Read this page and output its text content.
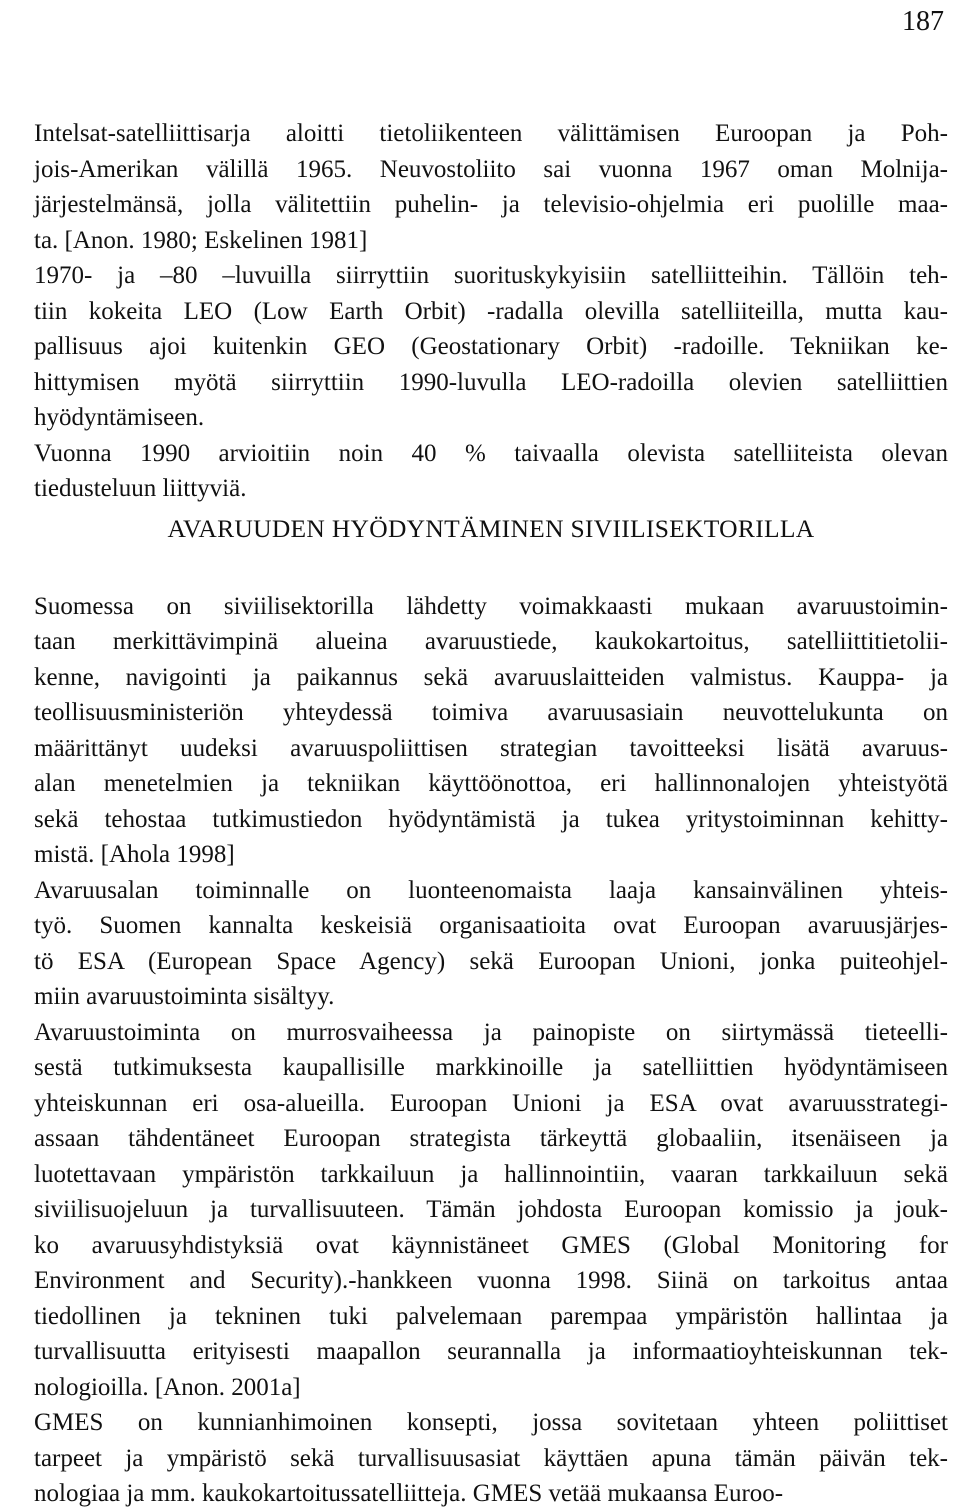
187
Intelsat-satelliittisarja aloitti tietoliikenteen välittämisen Euroopan ja Poh-
jois-Amerikan välillä 1965. Neuvostoliito sai vuonna 1967 oman Molnija-
järjestelmänsä, jolla välitettiin puhelin- ja televisio-ohjelmia eri puolille maa-
ta. [Anon. 1980; Eskelinen 1981]
1970- ja –80 –luvuilla siirryttiin suorituskykyisiin satelliitteihin. Tällöin teh-
tiin kokeita LEO (Low Earth Orbit) -radalla olevilla satelliiteilla, mutta kau-
pallisuus ajoi kuitenkin GEO (Geostationary Orbit) -radoille. Tekniikan ke-
hittymisen myötä siirryttiin 1990-luvulla LEO-radoilla olevien satelliittien
hyödyntämiseen.
Vuonna 1990 arvioitiin noin 40 % taivaalla olevista satelliiteista olevan
tiedusteluun liittyviä.
AVARUUDEN HYÖDYNTÄMINEN SIVIILISEKTORILLA
Suomessa on siviilisektorilla lähdetty voimakkaasti mukaan avaruustoimin-
taan merkittävimpinä alueina avaruustiede, kaukokartoitus, satelliittitietolii-
kenne, navigointi ja paikannus sekä avaruuslaitteiden valmistus. Kauppa- ja
teollisuusministeriön yhteydessä toimiva avaruusasiain neuvottelukunta on
määrittänyt uudeksi avaruuspoliittisen strategian tavoitteeksi lisätä avaruus-
alan menetelmien ja tekniikan käyttöönottoa, eri hallinnonalojen yhteistyötä
sekä tehostaa tutkimustiedon hyödyntämistä ja tukea yritystoiminnan kehitty-
mistä. [Ahola 1998]
Avaruusalan toiminnalle on luonteenomaista laaja kansainvälinen yhteis-
työ. Suomen kannalta keskeisiä organisaatioita ovat Euroopan avaruusjärjes-
tö ESA (European Space Agency) sekä Euroopan Unioni, jonka puiteohjel-
miin avaruustoiminta sisältyy.
Avaruustoiminta on murrosvaiheessa ja painopiste on siirtymässä tieteelli-
sestä tutkimuksesta kaupallisille markkinoille ja satelliittien hyödyntämiseen
yhteiskunnan eri osa-alueilla. Euroopan Unioni ja ESA ovat avaruusstrategi-
assaan tähdentäneet Euroopan strategista tärkeyttä globaaliin, itsenäiseen ja
luotettavaan ympäristön tarkkailuun ja hallinnointiin, vaaran tarkkailuun sekä
siviilisuojeluun ja turvallisuuteen. Tämän johdosta Euroopan komissio ja jouk-
ko avaruusyhdistyksiä ovat käynnistäneet GMES (Global Monitoring for
Environment and Security).-hankkeen vuonna 1998. Siinä on tarkoitus antaa
tiedollinen ja tekninen tuki palvelemaan parempaa ympäristön hallintaa ja
turvallisuutta erityisesti maapallon seurannalla ja informaatioyhteiskunnan tek-
nologioilla. [Anon. 2001a]
GMES on kunnianhimoinen konsepti, jossa sovitetaan yhteen poliittiset
tarpeet ja ympäristö sekä turvallisuusasiat käyttäen apuna tämän päivän tek-
nologiaa ja mm. kaukokartoitussatelliitteja. GMES vetää mukaansa Euroo-
